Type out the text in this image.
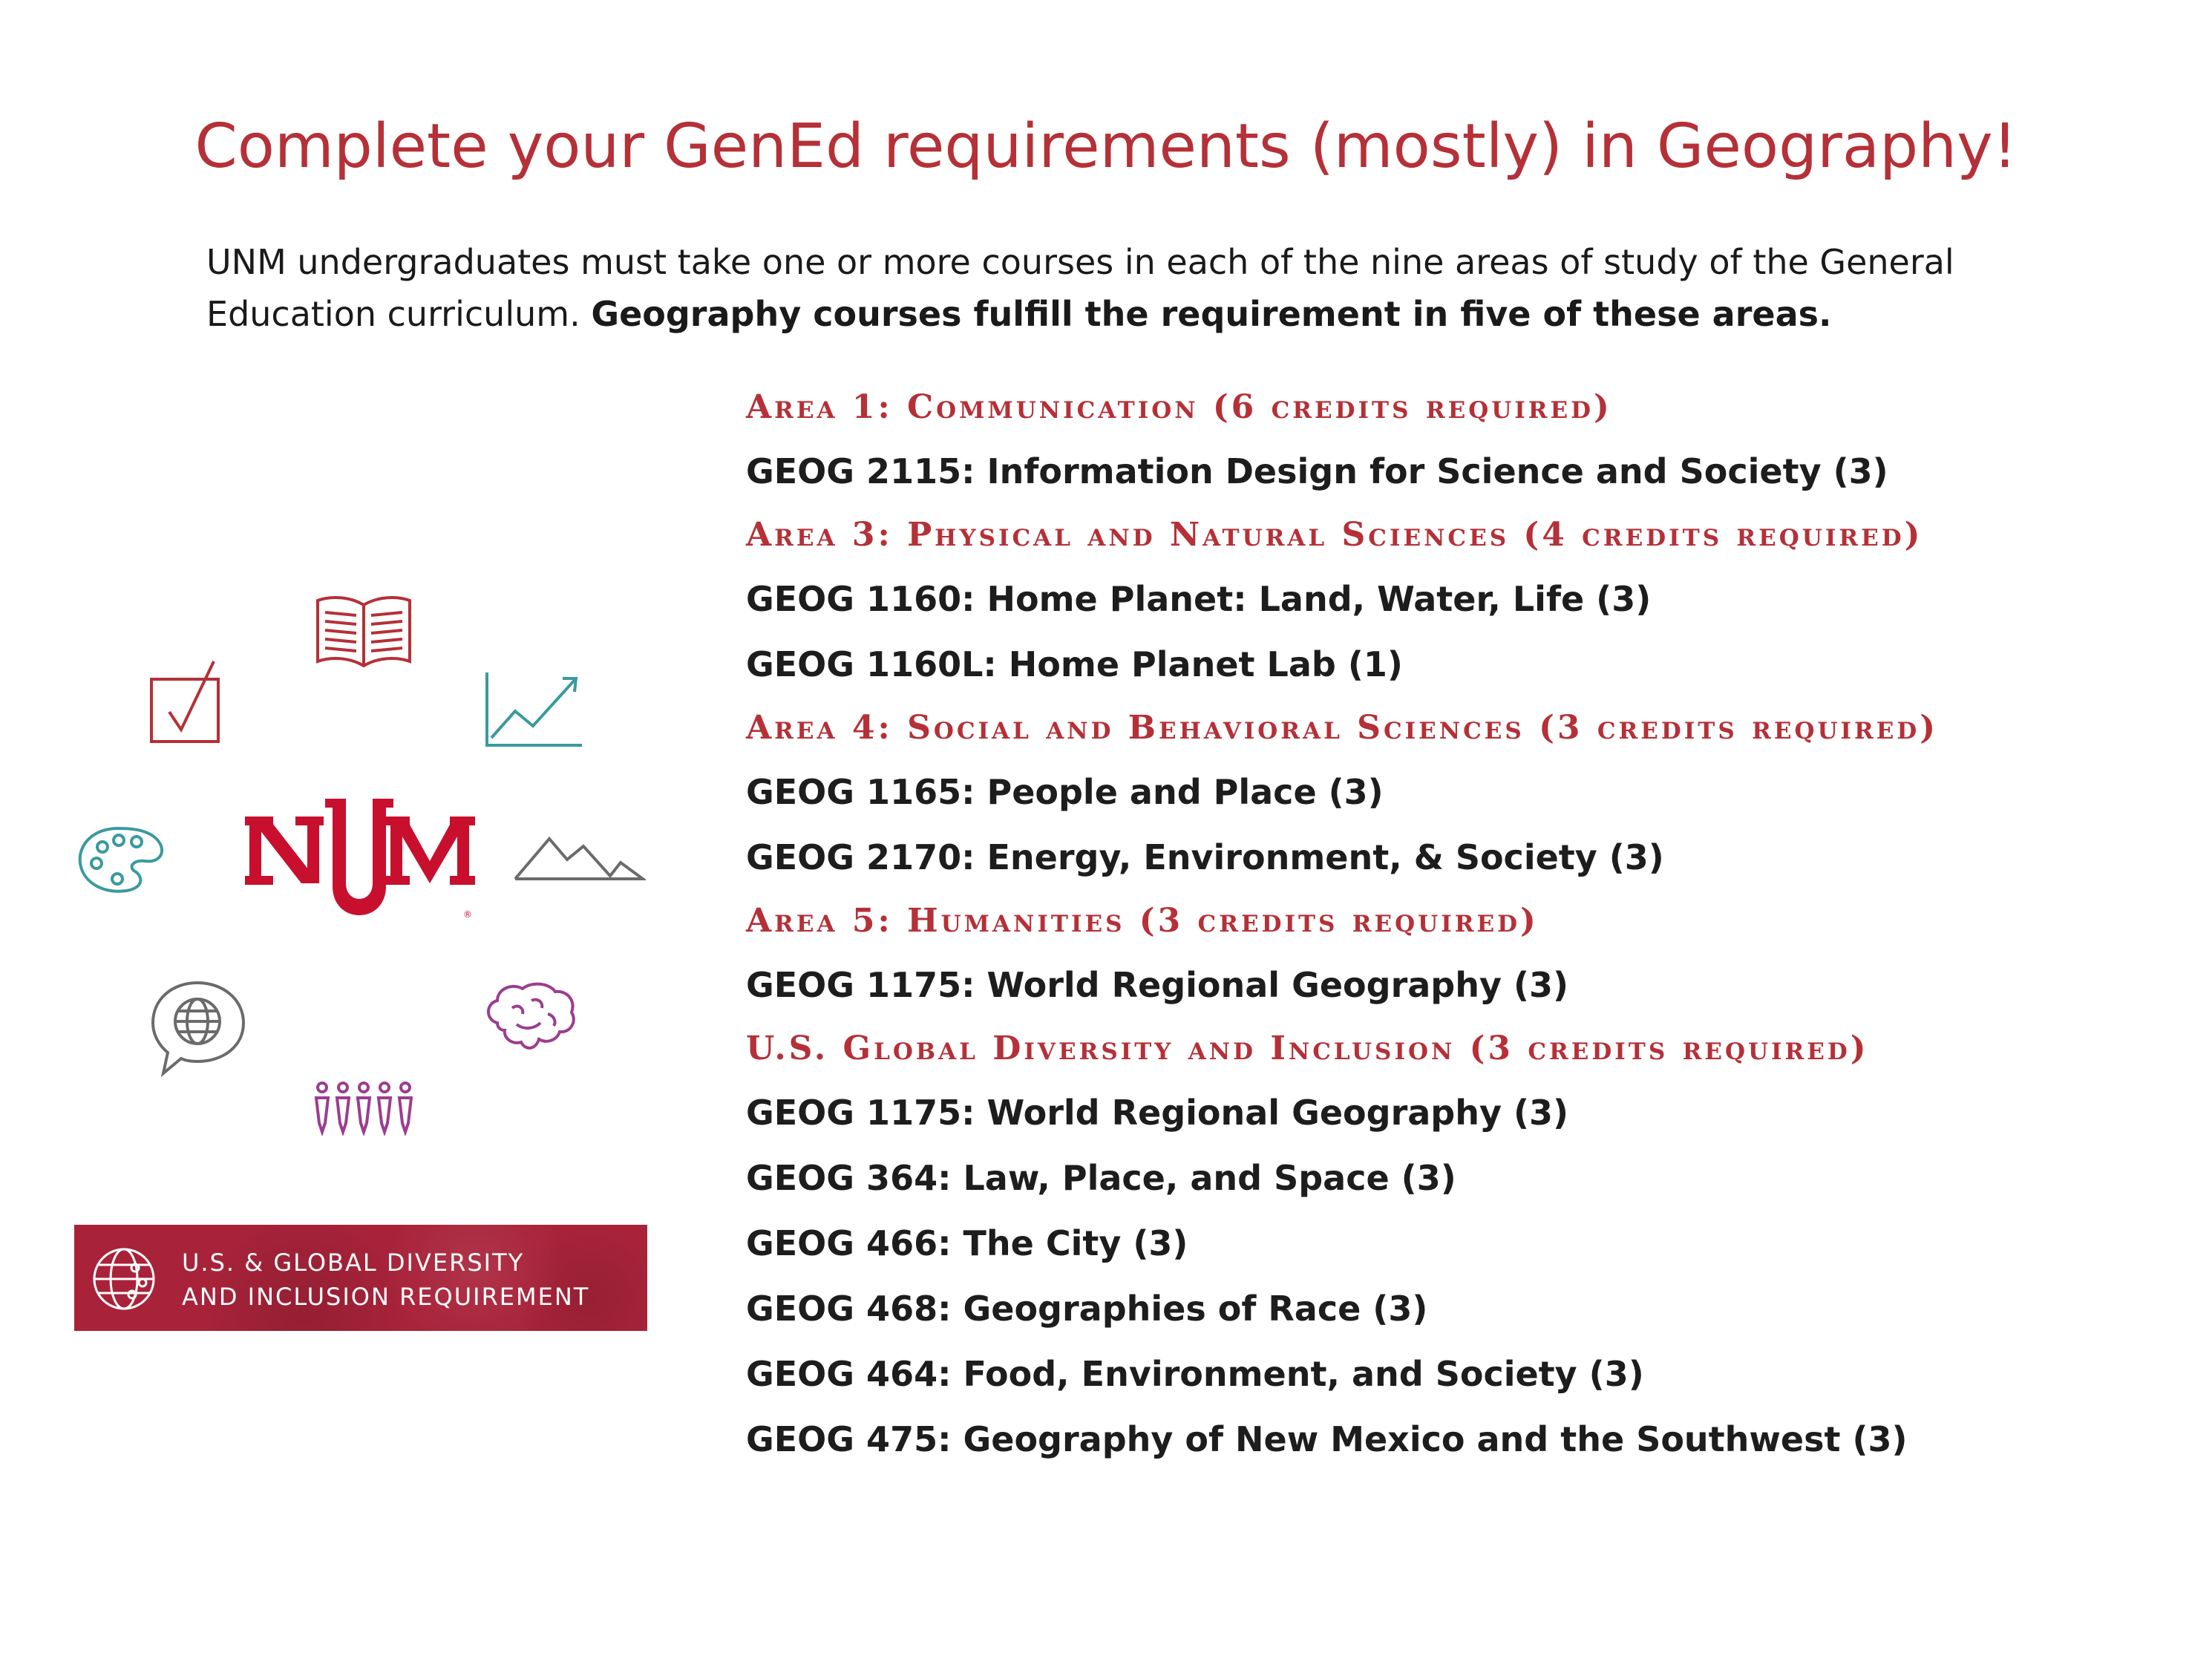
Complete your GenEd requirements (mostly) in Geography!

UNM undergraduates must take one or more courses in each of the nine areas of study of the General Education curriculum. Geography courses fulfill the requirement in five of these areas.

Area 1: Communication (6 credits required)
GEOG 2115: Information Design for Science and Society (3)
Area 3: Physical and Natural Sciences (4 credits required)
GEOG 1160: Home Planet: Land, Water, Life (3)
GEOG 1160L: Home Planet Lab (1)
Area 4: Social and Behavioral Sciences (3 credits required)
GEOG 1165: People and Place (3)
GEOG 2170: Energy, Environment, & Society (3)
Area 5: Humanities (3 credits required)
GEOG 1175: World Regional Geography (3)
U.S. Global Diversity and Inclusion (3 credits required)
GEOG 1175: World Regional Geography (3)
GEOG 364: Law, Place, and Space (3)
GEOG 466: The City (3)
GEOG 468: Geographies of Race (3)
GEOG 464: Food, Environment, and Society (3)
GEOG 475: Geography of New Mexico and the Southwest (3)
®
U.S. & GLOBAL DIVERSITY
AND INCLUSION REQUIREMENT
